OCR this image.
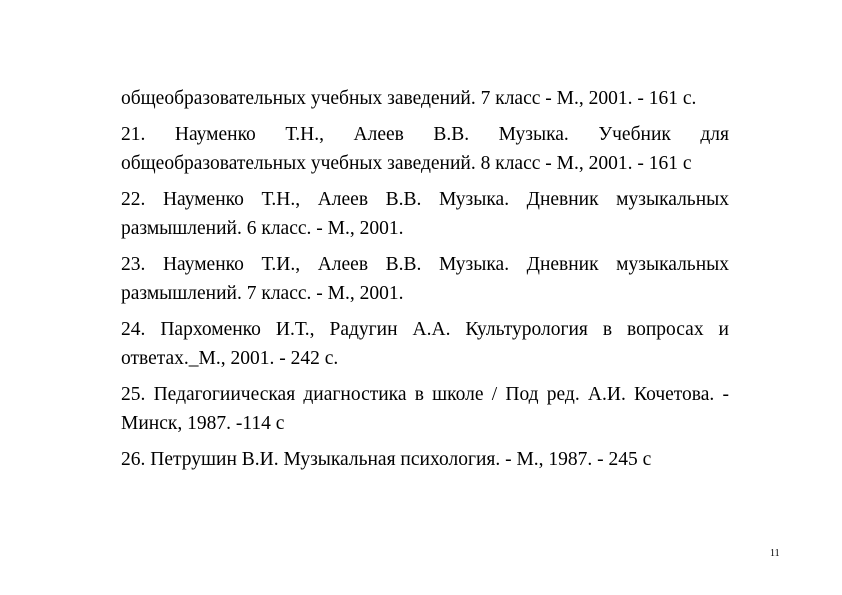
общеобразовательных учебных заведений. 7 класс - М., 2001. - 161 с.

21. Науменко Т.Н., Алеев В.В. Музыка. Учебник для общеобразовательных учебных заведений. 8 класс - М., 2001. - 161 с

22. Науменко Т.Н., Алеев В.В. Музыка. Дневник музыкальных размышлений. 6 класс. - М., 2001.

23. Науменко Т.И., Алеев В.В. Музыка. Дневник музыкальных размышлений. 7 класс. - М., 2001.

24. Пархоменко И.Т., Радугин А.А. Культурология в вопросах и ответах._М., 2001. - 242 с.

25. Педагогиическая диагностика в школе / Под ред. А.И. Кочетова. - Минск, 1987. -114 с

26. Петрушин В.И. Музыкальная психология. - М., 1987. - 245 с

11
